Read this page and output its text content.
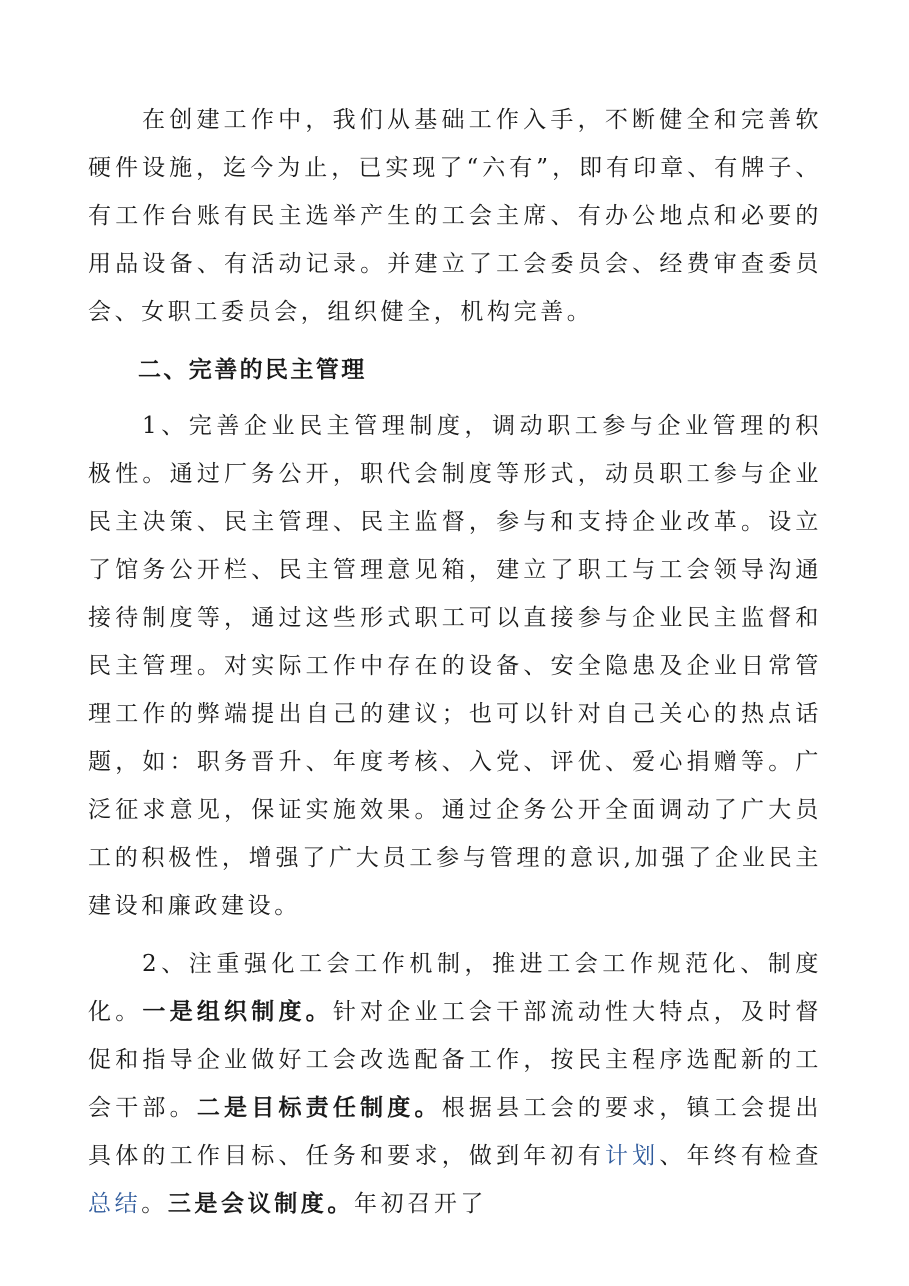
在创建工作中，我们从基础工作入手，不断健全和完善软硬件设施，迄今为止，已实现了“六有”，即有印章、有牌子、有工作台账有民主选举产生的工会主席、有办公地点和必要的用品设备、有活动记录。并建立了工会委员会、经费审查委员会、女职工委员会，组织健全，机构完善。

二、完善的民主管理

1、完善企业民主管理制度，调动职工参与企业管理的积极性。通过厂务公开，职代会制度等形式，动员职工参与企业民主决策、民主管理、民主监督，参与和支持企业改革。设立了馆务公开栏、民主管理意见箱，建立了职工与工会领导沟通接待制度等，通过这些形式职工可以直接参与企业民主监督和民主管理。对实际工作中存在的设备、安全隐患及企业日常管理工作的弊端提出自己的建议；也可以针对自己关心的热点话题，如：职务晋升、年度考核、入党、评优、爱心捐赠等。广泛征求意见，保证实施效果。通过企务公开全面调动了广大员工的积极性，增强了广大员工参与管理的意识,加强了企业民主建设和廉政建设。

2、注重强化工会工作机制，推进工会工作规范化、制度化。一是组织制度。针对企业工会干部流动性大特点，及时督促和指导企业做好工会改选配备工作，按民主程序选配新的工会干部。二是目标责任制度。根据县工会的要求，镇工会提出具体的工作目标、任务和要求，做到年初有计划、年终有检查总结。三是会议制度。年初召开了
